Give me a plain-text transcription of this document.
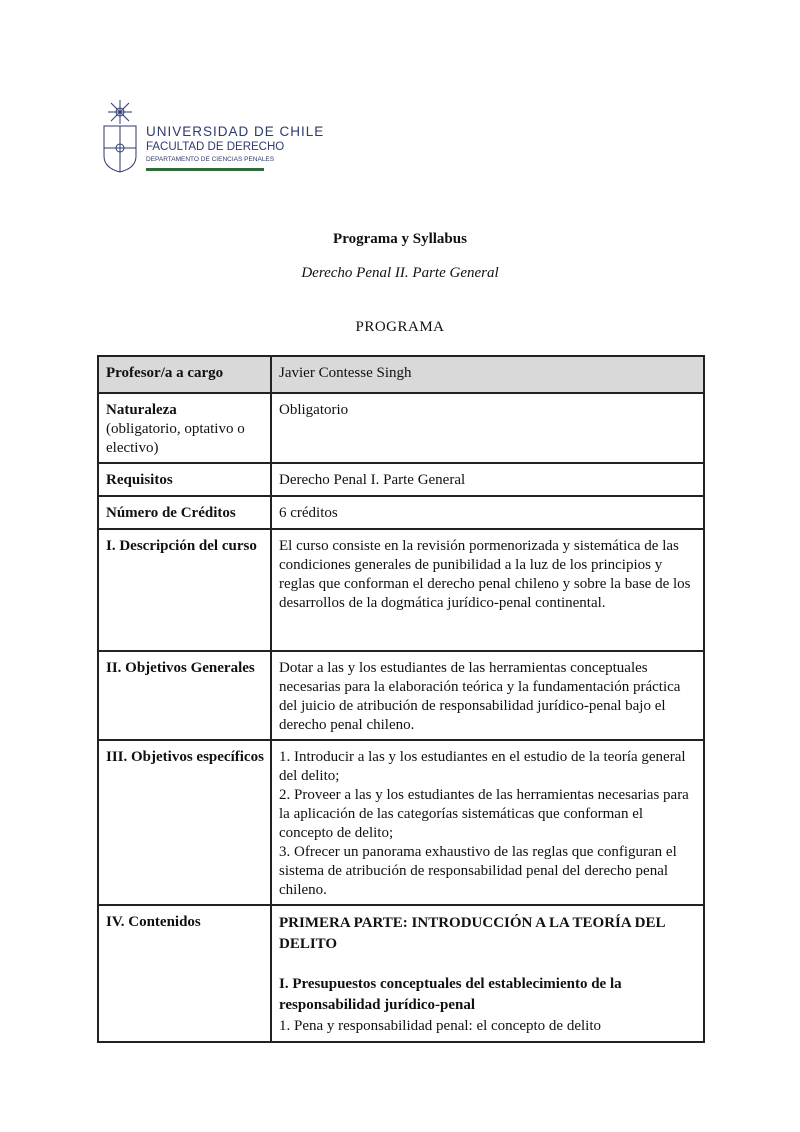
UNIVERSIDAD DE CHILE
FACULTAD DE DERECHO
DEPARTAMENTO DE CIENCIAS PENALES
Programa y Syllabus
Derecho Penal II. Parte General
PROGRAMA
Profesor/a a cargo	Javier Contesse Singh

Naturaleza
(obligatorio, optativo o electivo)	Obligatorio
Requisitos	Derecho Penal I. Parte General
Número de Créditos	6 créditos
I. Descripción del curso	El curso consiste en la revisión pormenorizada y sistemática de las condiciones generales de punibilidad a la luz de los principios y reglas que conforman el derecho penal chileno y sobre la base de los desarrollos de la dogmática jurídico-penal continental.
II. Objetivos Generales	Dotar a las y los estudiantes de las herramientas conceptuales necesarias para la elaboración teórica y la fundamentación práctica del juicio de atribución de responsabilidad jurídico-penal bajo el derecho penal chileno.
III. Objetivos específicos	1. Introducir a las y los estudiantes en el estudio de la teoría general del delito;
2. Proveer a las y los estudiantes de las herramientas necesarias para la aplicación de las categorías sistemáticas que conforman el concepto de delito;
3. Ofrecer un panorama exhaustivo de las reglas que configuran el sistema de atribución de responsabilidad penal del derecho penal chileno.

IV. Contenidos	PRIMERA PARTE: INTRODUCCIÓN A LA TEORÍA DEL DELITO
I. Presupuestos conceptuales del establecimiento de la responsabilidad jurídico-penal
1. Pena y responsabilidad penal: el concepto de delito
